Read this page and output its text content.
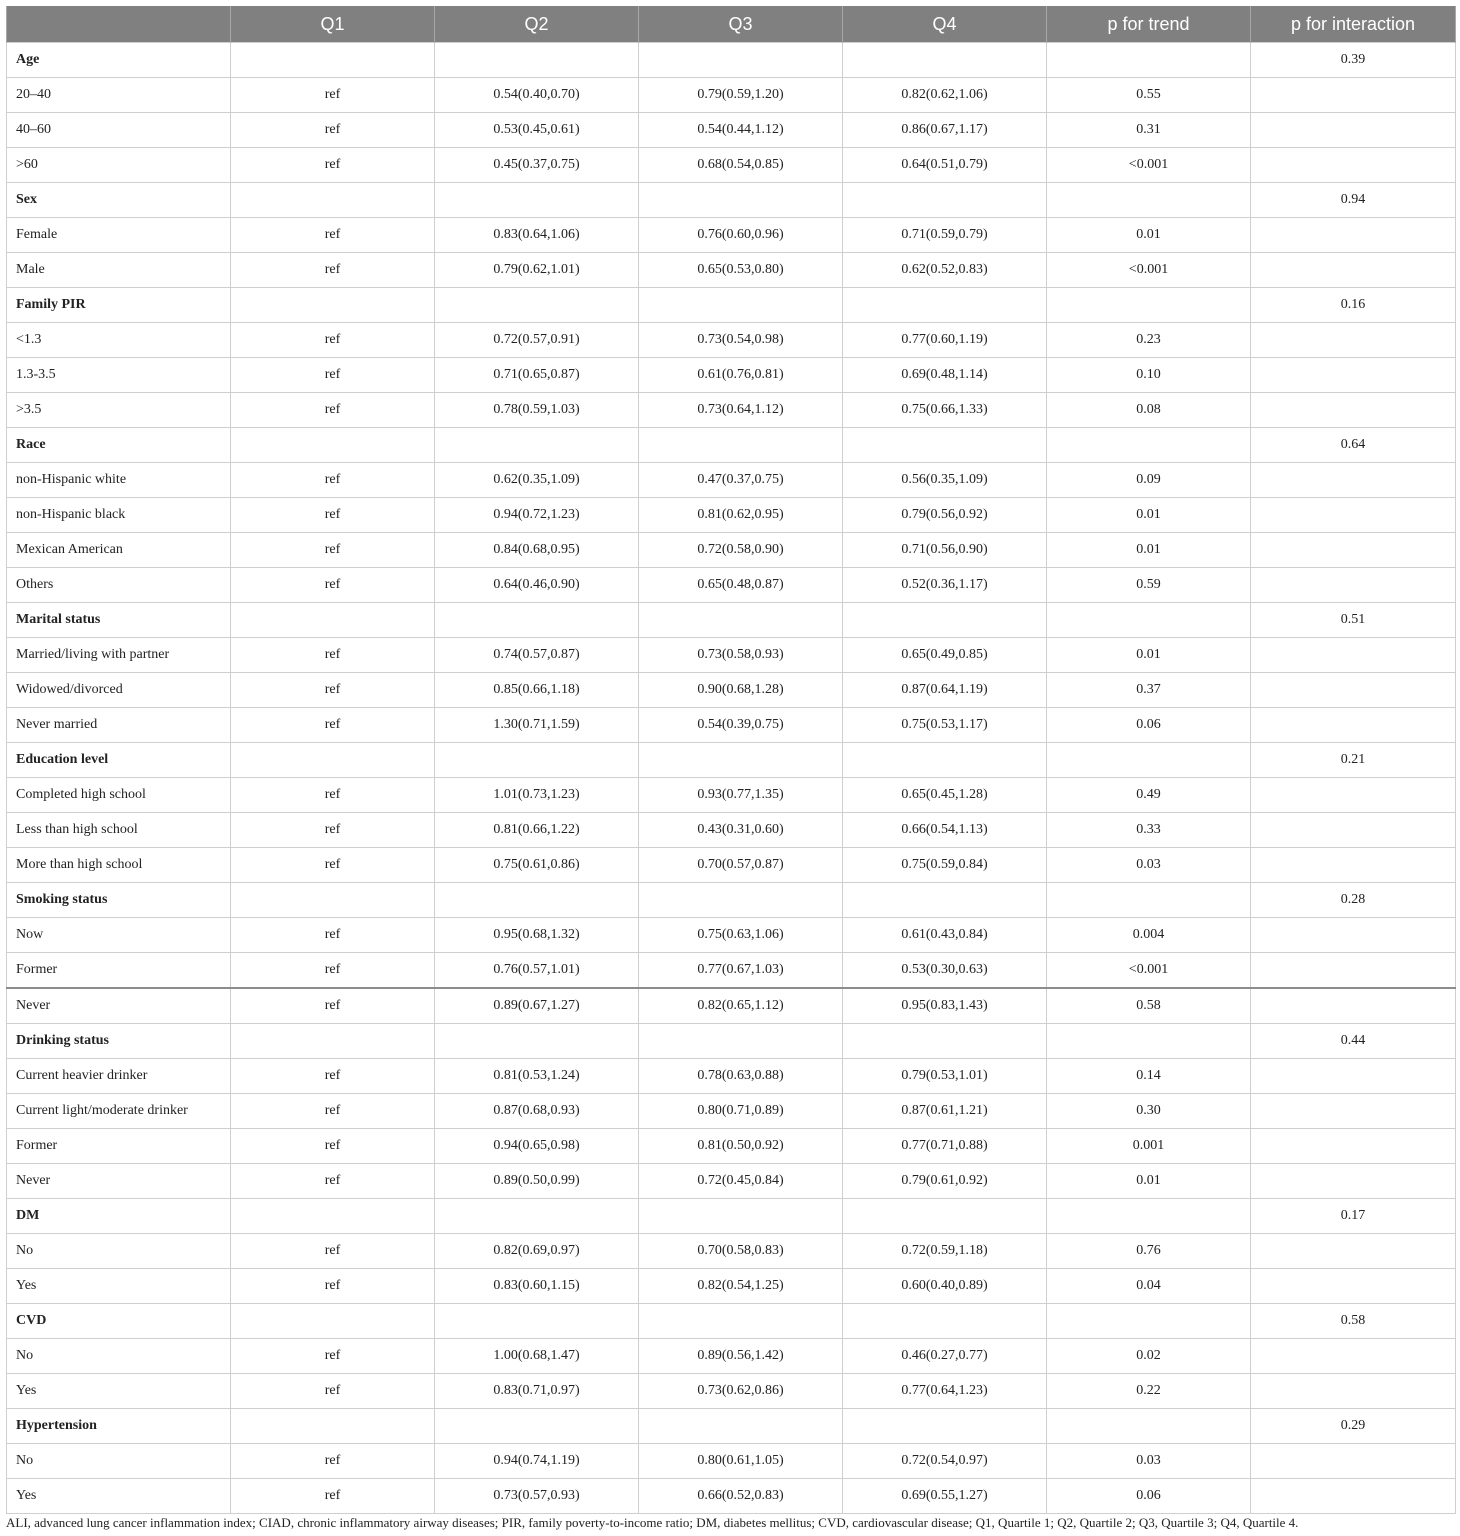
	Q1	Q2	Q3	Q4	p for trend	p for interaction
Age						0.39
20–40	ref	0.54(0.40,0.70)	0.79(0.59,1.20)	0.82(0.62,1.06)	0.55	
40–60	ref	0.53(0.45,0.61)	0.54(0.44,1.12)	0.86(0.67,1.17)	0.31	
>60	ref	0.45(0.37,0.75)	0.68(0.54,0.85)	0.64(0.51,0.79)	<0.001	
Sex						0.94
Female	ref	0.83(0.64,1.06)	0.76(0.60,0.96)	0.71(0.59,0.79)	0.01	
Male	ref	0.79(0.62,1.01)	0.65(0.53,0.80)	0.62(0.52,0.83)	<0.001	
Family PIR						0.16
<1.3	ref	0.72(0.57,0.91)	0.73(0.54,0.98)	0.77(0.60,1.19)	0.23	
1.3-3.5	ref	0.71(0.65,0.87)	0.61(0.76,0.81)	0.69(0.48,1.14)	0.10	
>3.5	ref	0.78(0.59,1.03)	0.73(0.64,1.12)	0.75(0.66,1.33)	0.08	
Race						0.64
non-Hispanic white	ref	0.62(0.35,1.09)	0.47(0.37,0.75)	0.56(0.35,1.09)	0.09	
non-Hispanic black	ref	0.94(0.72,1.23)	0.81(0.62,0.95)	0.79(0.56,0.92)	0.01	
Mexican American	ref	0.84(0.68,0.95)	0.72(0.58,0.90)	0.71(0.56,0.90)	0.01	
Others	ref	0.64(0.46,0.90)	0.65(0.48,0.87)	0.52(0.36,1.17)	0.59	
Marital status						0.51
Married/living with partner	ref	0.74(0.57,0.87)	0.73(0.58,0.93)	0.65(0.49,0.85)	0.01	
Widowed/divorced	ref	0.85(0.66,1.18)	0.90(0.68,1.28)	0.87(0.64,1.19)	0.37	
Never married	ref	1.30(0.71,1.59)	0.54(0.39,0.75)	0.75(0.53,1.17)	0.06	
Education level						0.21
Completed high school	ref	1.01(0.73,1.23)	0.93(0.77,1.35)	0.65(0.45,1.28)	0.49	
Less than high school	ref	0.81(0.66,1.22)	0.43(0.31,0.60)	0.66(0.54,1.13)	0.33	
More than high school	ref	0.75(0.61,0.86)	0.70(0.57,0.87)	0.75(0.59,0.84)	0.03	
Smoking status						0.28
Now	ref	0.95(0.68,1.32)	0.75(0.63,1.06)	0.61(0.43,0.84)	0.004	
Former	ref	0.76(0.57,1.01)	0.77(0.67,1.03)	0.53(0.30,0.63)	<0.001	
Never	ref	0.89(0.67,1.27)	0.82(0.65,1.12)	0.95(0.83,1.43)	0.58	
Drinking status						0.44
Current heavier drinker	ref	0.81(0.53,1.24)	0.78(0.63,0.88)	0.79(0.53,1.01)	0.14	
Current light/moderate drinker	ref	0.87(0.68,0.93)	0.80(0.71,0.89)	0.87(0.61,1.21)	0.30	
Former	ref	0.94(0.65,0.98)	0.81(0.50,0.92)	0.77(0.71,0.88)	0.001	
Never	ref	0.89(0.50,0.99)	0.72(0.45,0.84)	0.79(0.61,0.92)	0.01	
DM						0.17
No	ref	0.82(0.69,0.97)	0.70(0.58,0.83)	0.72(0.59,1.18)	0.76	
Yes	ref	0.83(0.60,1.15)	0.82(0.54,1.25)	0.60(0.40,0.89)	0.04	
CVD						0.58
No	ref	1.00(0.68,1.47)	0.89(0.56,1.42)	0.46(0.27,0.77)	0.02	
Yes	ref	0.83(0.71,0.97)	0.73(0.62,0.86)	0.77(0.64,1.23)	0.22	
Hypertension						0.29
No	ref	0.94(0.74,1.19)	0.80(0.61,1.05)	0.72(0.54,0.97)	0.03	
Yes	ref	0.73(0.57,0.93)	0.66(0.52,0.83)	0.69(0.55,1.27)	0.06	
ALI, advanced lung cancer inflammation index; CIAD, chronic inflammatory airway diseases; PIR, family poverty-to-income ratio; DM, diabetes mellitus; CVD, cardiovascular disease; Q1, Quartile 1; Q2, Quartile 2; Q3, Quartile 3; Q4, Quartile 4.
